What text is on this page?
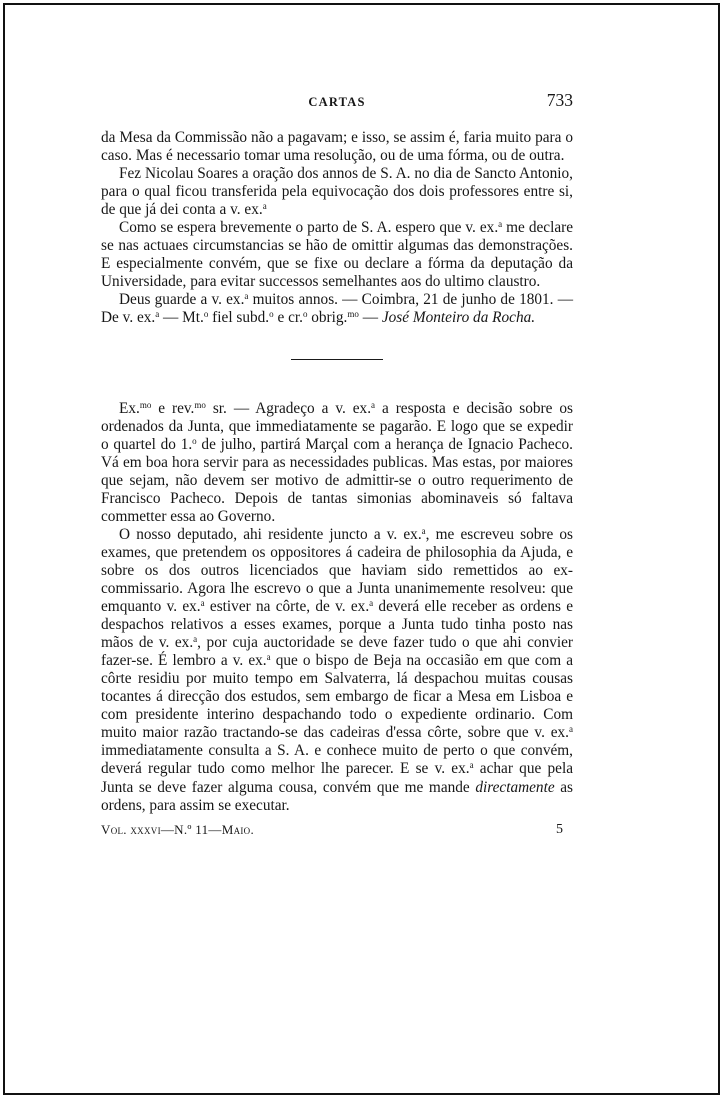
CARTAS	733

da Mesa da Commissão não a pagavam; e isso, se assim é, faria muito para o caso. Mas é necessario tomar uma resolução, ou de uma fórma, ou de outra.

Fez Nicolau Soares a oração dos annos de S. A. no dia de Sancto Antonio, para o qual ficou transferida pela equivocação dos dois professores entre si, de que já dei conta a v. ex.$^a$

Como se espera brevemente o parto de S. A. espero que v. ex.$^a$ me declare se nas actuaes circumstancias se hão de omittir algumas das demonstrações. E especialmente convém, que se fixe ou declare a fórma da deputação da Universidade, para evitar successos semelhantes aos do ultimo claustro.

Deus guarde a v. ex.$^a$ muitos annos. — Coimbra, 21 de junho de 1801. — De v. ex.$^a$ — Mt.$^o$ fiel subd.$^o$ e cr.$^o$ obrig.$^{mo}$ — José Monteiro da Rocha.

Ex.$^{mo}$ e rev.$^{mo}$ sr. — Agradeço a v. ex.$^a$ a resposta e decisão sobre os ordenados da Junta, que immediatamente se pagarão. E logo que se expedir o quartel do 1.$^o$ de julho, partirá Marçal com a herança de Ignacio Pacheco. Vá em boa hora servir para as necessidades publicas. Mas estas, por maiores que sejam, não devem ser motivo de admittir-se o outro requerimento de Francisco Pacheco. Depois de tantas simonias abominaveis só faltava commetter essa ao Governo.

O nosso deputado, ahi residente juncto a v. ex.$^a$, me escreveu sobre os exames, que pretendem os oppositores á cadeira de philosophia da Ajuda, e sobre os dos outros licenciados que haviam sido remettidos ao ex-commissario. Agora lhe escrevo o que a Junta unanimemente resolveu: que emquanto v. ex.$^a$ estiver na côrte, de v. ex.$^a$ deverá elle receber as ordens e despachos relativos a esses exames, porque a Junta tudo tinha posto nas mãos de v. ex.$^a$, por cuja auctoridade se deve fazer tudo o que ahi convier fazer-se. É lembro a v. ex.$^a$ que o bispo de Beja na occasião em que com a côrte residiu por muito tempo em Salvaterra, lá despachou muitas cousas tocantes á direcção dos estudos, sem embargo de ficar a Mesa em Lisboa e com presidente interino despachando todo o expediente ordinario. Com muito maior razão tractando-se das cadeiras d'essa côrte, sobre que v. ex.$^a$ immediatamente consulta a S. A. e conhece muito de perto o que convém, deverá regular tudo como melhor lhe parecer. E se v. ex.$^a$ achar que pela Junta se deve fazer alguma cousa, convém que me mande directamente as ordens, para assim se executar.

Vol. xxxvi—N.º 11—Maio.	5
